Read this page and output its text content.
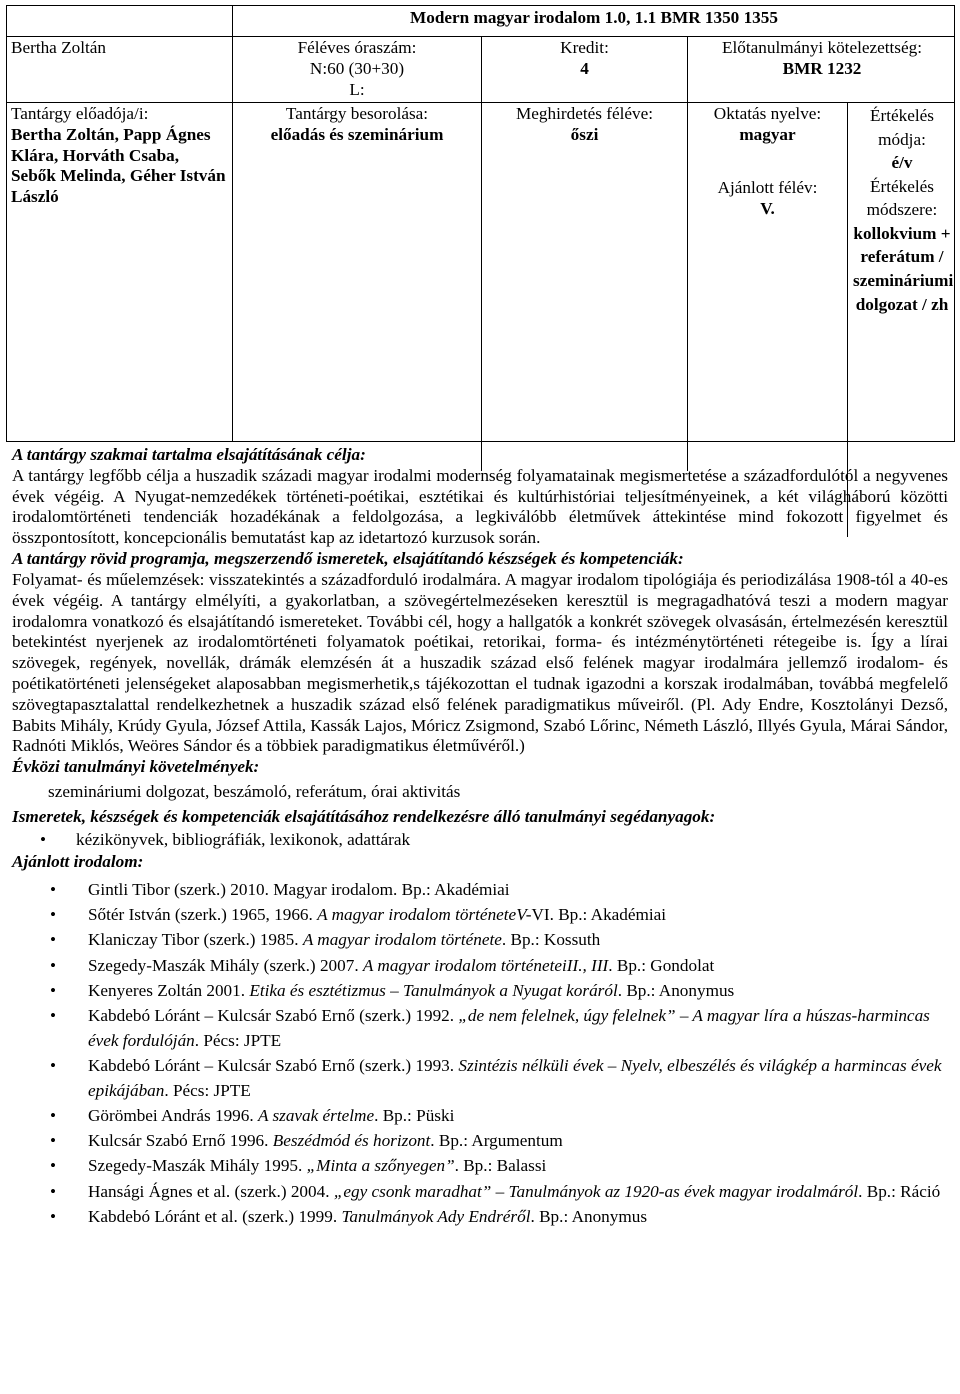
Modern magyar irodalom 1.0, 1.1 BMR 1350 1355
Bertha Zoltán	Féléves óraszám:
N:60 (30+30)
L:
Kredit:
4
Előtanulmányi kötelezettség:
BMR 1232
Tantárgy előadója/i:
Bertha Zoltán, Papp Ágnes Klára, Horváth Csaba, Sebők Melinda, Géher István László
Tantárgy besorolása:
előadás és szeminárium
Meghirdetés féléve:
őszi
Oktatás nyelve:
magyar
Ajánlott félév:
V.
Értékelés módja:
é/v
Értékelés módszere:
kollokvium + referátum / szemináriumi dolgozat / zh

A tantárgy szakmai tartalma elsajátításának célja:

A tantárgy legfőbb célja a huszadik századi magyar irodalmi modernség folyamatainak megismertetése a századfordulótól a negyvenes évek végéig. A Nyugat-nemzedékek történeti-poétikai, esztétikai és kultúrhistóriai teljesítményeinek, a két világháború közötti irodalomtörténeti tendenciák hozadékának a feldolgozása, a legkiválóbb életművek áttekintése mind fokozott figyelmet és összpontosított, koncepcionális bemutatást kap az idetartozó kurzusok során.

A tantárgy rövid programja, megszerzendő ismeretek, elsajátítandó készségek és kompetenciák:

Folyamat- és műelemzések: visszatekintés a századforduló irodalmára. A magyar irodalom tipológiája és periodizálása 1908-tól a 40-es évek végéig. A tantárgy elmélyíti, a gyakorlatban, a szövegértelmezéseken keresztül is megragadhatóvá teszi a modern magyar irodalomra vonatkozó és elsajátítandó ismereteket. További cél, hogy a hallgatók a konkrét szövegek olvasásán, értelmezésén keresztül betekintést nyerjenek az irodalomtörténeti folyamatok poétikai, retorikai, forma- és intézménytörténeti rétegeibe is. Így a lírai szövegek, regények, novellák, drámák elemzésén át a huszadik század első felének magyar irodalmára jellemző irodalom- és poétikatörténeti jelenségeket alaposabban megismerhetik,s tájékozottan el tudnak igazodni a korszak irodalmában, továbbá megfelelő szövegtapasztalattal rendelkezhetnek a huszadik század első felének paradigmatikus műveiről. (Pl. Ady Endre, Kosztolányi Dezső, Babits Mihály, Krúdy Gyula, József Attila, Kassák Lajos, Móricz Zsigmond, Szabó Lőrinc, Németh László, Illyés Gyula, Márai Sándor, Radnóti Miklós, Weöres Sándor és a többiek paradigmatikus életművéről.)

Évközi tanulmányi követelmények:

szemináriumi dolgozat, beszámoló, referátum, órai aktivitás

Ismeretek, készségek és kompetenciák elsajátításához rendelkezésre álló tanulmányi segédanyagok:

• kézikönyvek, bibliográfiák, lexikonok, adattárak

Ajánlott irodalom:

• Gintli Tibor (szerk.) 2010. Magyar irodalom. Bp.: Akadémiai
• Sőtér István (szerk.) 1965, 1966. A magyar irodalom történeteV-VI. Bp.: Akadémiai
• Klaniczay Tibor (szerk.) 1985. A magyar irodalom története. Bp.: Kossuth
• Szegedy-Maszák Mihály (szerk.) 2007. A magyar irodalom történeteiII., III. Bp.: Gondolat
• Kenyeres Zoltán 2001. Etika és esztétizmus – Tanulmányok a Nyugat koráról. Bp.: Anonymus
• Kabdebó Lóránt – Kulcsár Szabó Ernő (szerk.) 1992. „de nem felelnek, úgy felelnek” – A magyar líra a húszas-harmincas évek fordulóján. Pécs: JPTE
• Kabdebó Lóránt – Kulcsár Szabó Ernő (szerk.) 1993. Szintézis nélküli évek – Nyelv, elbeszélés és világkép a harmincas évek epikájában. Pécs: JPTE
• Görömbei András 1996. A szavak értelme. Bp.: Püski
• Kulcsár Szabó Ernő 1996. Beszédmód és horizont. Bp.: Argumentum
• Szegedy-Maszák Mihály 1995. „Minta a szőnyegen”. Bp.: Balassi
• Hansági Ágnes et al. (szerk.) 2004. „egy csonk maradhat” – Tanulmányok az 1920-as évek magyar irodalmáról. Bp.: Ráció
• Kabdebó Lóránt et al. (szerk.) 1999. Tanulmányok Ady Endréről. Bp.: Anonymus
